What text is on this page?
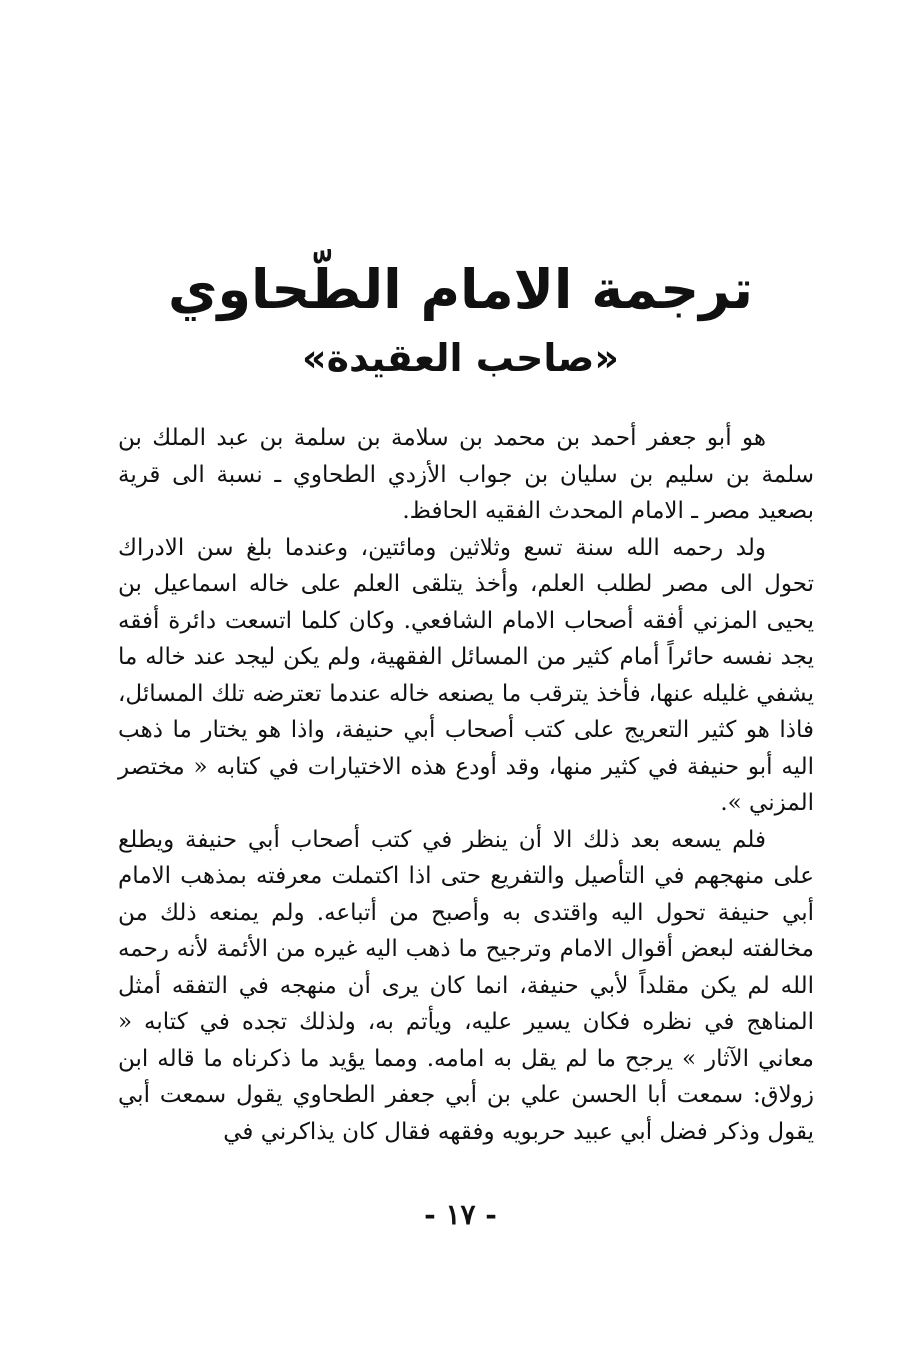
ترجمة الامام الطّحاوي
«صاحب العقيدة»

هو أبو جعفر أحمد بن محمد بن سلامة بن سلمة بن عبد الملك بن سلمة بن سليم بن سليان بن جواب الأزدي الطحاوي ـ نسبة الى قرية بصعيد مصر ـ الامام المحدث الفقيه الحافظ.

ولد رحمه الله سنة تسع وثلاثين ومائتين، وعندما بلغ سن الادراك تحول الى مصر لطلب العلم، وأخذ يتلقى العلم على خاله اسماعيل بن يحيى المزني أفقه أصحاب الامام الشافعي. وكان كلما اتسعت دائرة أفقه يجد نفسه حائراً أمام كثير من المسائل الفقهية، ولم يكن ليجد عند خاله ما يشفي غليله عنها، فأخذ يترقب ما يصنعه خاله عندما تعترضه تلك المسائل، فاذا هو كثير التعريج على كتب أصحاب أبي حنيفة، واذا هو يختار ما ذهب اليه أبو حنيفة في كثير منها، وقد أودع هذه الاختيارات في كتابه « مختصر المزني ».

فلم يسعه بعد ذلك الا أن ينظر في كتب أصحاب أبي حنيفة ويطلع على منهجهم في التأصيل والتفريع حتى اذا اكتملت معرفته بمذهب الامام أبي حنيفة تحول اليه واقتدى به وأصبح من أتباعه. ولم يمنعه ذلك من مخالفته لبعض أقوال الامام وترجيح ما ذهب اليه غيره من الأئمة لأنه رحمه الله لم يكن مقلداً لأبي حنيفة، انما كان يرى أن منهجه في التفقه أمثل المناهج في نظره فكان يسير عليه، ويأتم به، ولذلك تجده في كتابه « معاني الآثار » يرجح ما لم يقل به امامه. ومما يؤيد ما ذكرناه ما قاله ابن زولاق: سمعت أبا الحسن علي بن أبي جعفر الطحاوي يقول سمعت أبي يقول وذكر فضل أبي عبيد حربويه وفقهه فقال كان يذاكرني في

- ١٧ -
